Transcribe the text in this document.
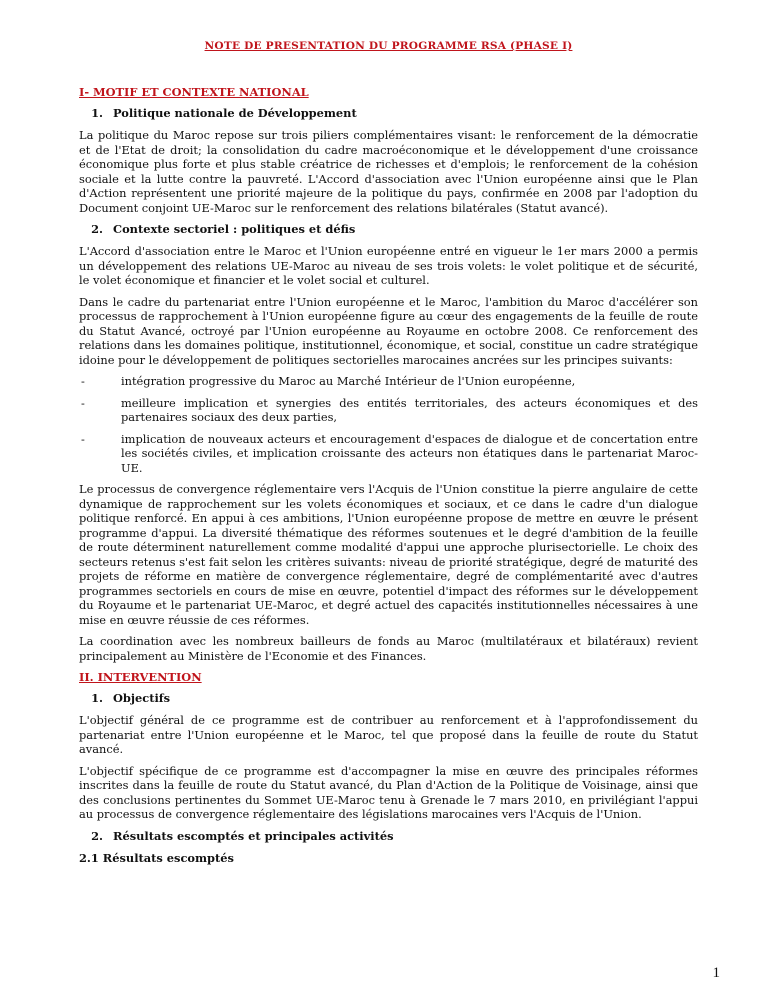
NOTE DE PRESENTATION DU PROGRAMME RSA (PHASE I)
I- MOTIF ET CONTEXTE NATIONAL
1. Politique nationale de Développement

La politique du Maroc repose sur trois piliers complémentaires visant: le renforcement de la démocratie et de l'Etat de droit; la consolidation du cadre macroéconomique et le développement d'une croissance économique plus forte et plus stable créatrice de richesses et d'emplois; le renforcement de la cohésion sociale et la lutte contre la pauvreté. L'Accord d'association avec l'Union européenne ainsi que le Plan d'Action représentent une priorité majeure de la politique du pays, confirmée en 2008 par l'adoption du Document conjoint UE-Maroc sur le renforcement des relations bilatérales (Statut avancé).

2. Contexte sectoriel : politiques et défis

L'Accord d'association entre le Maroc et l'Union européenne entré en vigueur le 1er mars 2000 a permis un développement des relations UE-Maroc au niveau de ses trois volets: le volet politique et de sécurité, le volet économique et financier et le volet social et culturel.

Dans le cadre du partenariat entre l'Union européenne et le Maroc, l'ambition du Maroc d'accélérer son processus de rapprochement à l'Union européenne figure au cœur des engagements de la feuille de route du Statut Avancé, octroyé par l'Union européenne au Royaume en octobre 2008. Ce renforcement des relations dans les domaines politique, institutionnel, économique, et social, constitue un cadre stratégique idoine pour le développement de politiques sectorielles marocaines ancrées sur les principes suivants:

-	intégration progressive du Maroc au Marché Intérieur de l'Union européenne,
-	meilleure implication et synergies des entités territoriales, des acteurs économiques et des partenaires sociaux des deux parties,
-	implication de nouveaux acteurs et encouragement d'espaces de dialogue et de concertation entre les sociétés civiles, et implication croissante des acteurs non étatiques dans le partenariat Maroc-UE.

Le processus de convergence réglementaire vers l'Acquis de l'Union constitue la pierre angulaire de cette dynamique de rapprochement sur les volets économiques et sociaux, et ce dans le cadre d'un dialogue politique renforcé. En appui à ces ambitions, l'Union européenne propose de mettre en œuvre le présent programme d'appui. La diversité thématique des réformes soutenues et le degré d'ambition de la feuille de route déterminent naturellement comme modalité d'appui une approche plurisectorielle. Le choix des secteurs retenus s'est fait selon les critères suivants: niveau de priorité stratégique, degré de maturité des projets de réforme en matière de convergence réglementaire, degré de complémentarité avec d'autres programmes sectoriels en cours de mise en œuvre, potentiel d'impact des réformes sur le développement du Royaume et le partenariat UE-Maroc, et degré actuel des capacités institutionnelles nécessaires à une mise en œuvre réussie de ces réformes.

La coordination avec les nombreux bailleurs de fonds au Maroc (multilatéraux et bilatéraux) revient principalement au Ministère de l'Economie et des Finances.

II. INTERVENTION
1. Objectifs

L'objectif général de ce programme est de contribuer au renforcement et à l'approfondissement du partenariat entre l'Union européenne et le Maroc, tel que proposé dans la feuille de route du Statut avancé.

L'objectif spécifique de ce programme est d'accompagner la mise en œuvre des principales réformes inscrites dans la feuille de route du Statut avancé, du Plan d'Action de la Politique de Voisinage, ainsi que des conclusions pertinentes du Sommet UE-Maroc tenu à Grenade le 7 mars 2010, en privilégiant l'appui au processus de convergence réglementaire des législations marocaines vers l'Acquis de l'Union.

2. Résultats escomptés et principales activités
2.1 Résultats escomptés
1
